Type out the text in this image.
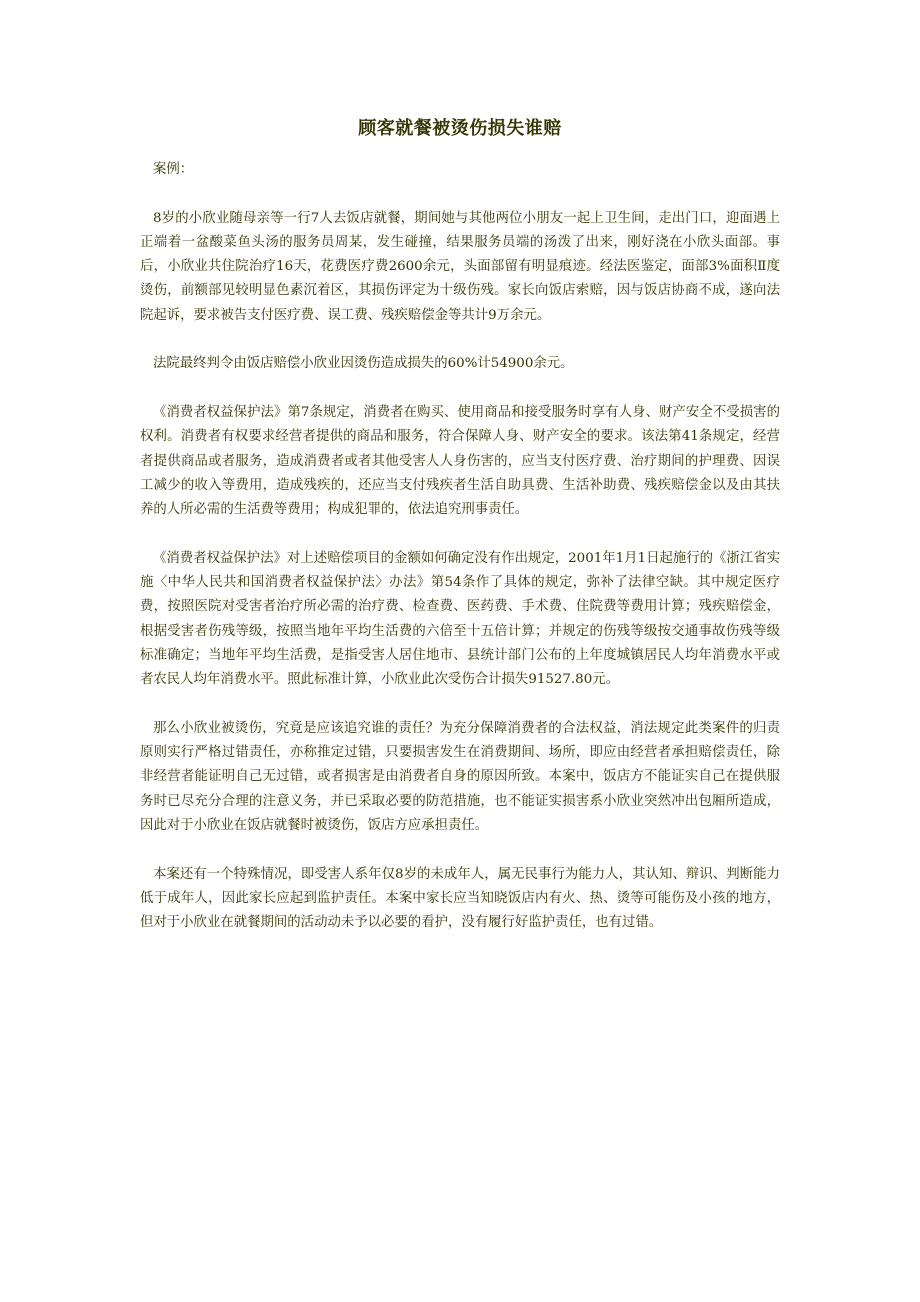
顾客就餐被烫伤损失谁赔

案例：

8岁的小欣业随母亲等一行7人去饭店就餐，期间她与其他两位小朋友一起上卫生间，走出门口，迎面遇上正端着一盆酸菜鱼头汤的服务员周某，发生碰撞，结果服务员端的汤泼了出来，刚好浇在小欣头面部。事后，小欣业共住院治疗16天，花费医疗费2600余元，头面部留有明显痕迹。经法医鉴定，面部3%面积Ⅱ度烫伤，前额部见较明显色素沉着区，其损伤评定为十级伤残。家长向饭店索赔，因与饭店协商不成，遂向法院起诉，要求被告支付医疗费、误工费、残疾赔偿金等共计9万余元。

法院最终判令由饭店赔偿小欣业因烫伤造成损失的60%计54900余元。

《消费者权益保护法》第7条规定，消费者在购买、使用商品和接受服务时享有人身、财产安全不受损害的权利。消费者有权要求经营者提供的商品和服务，符合保障人身、财产安全的要求。该法第41条规定，经营者提供商品或者服务，造成消费者或者其他受害人人身伤害的，应当支付医疗费、治疗期间的护理费、因误工减少的收入等费用，造成残疾的，还应当支付残疾者生活自助具费、生活补助费、残疾赔偿金以及由其扶养的人所必需的生活费等费用；构成犯罪的，依法追究刑事责任。

《消费者权益保护法》对上述赔偿项目的金额如何确定没有作出规定，2001年1月1日起施行的《浙江省实施〈中华人民共和国消费者权益保护法〉办法》第54条作了具体的规定，弥补了法律空缺。其中规定医疗费，按照医院对受害者治疗所必需的治疗费、检查费、医药费、手术费、住院费等费用计算；残疾赔偿金，根据受害者伤残等级，按照当地年平均生活费的六倍至十五倍计算；并规定的伤残等级按交通事故伤残等级标准确定；当地年平均生活费，是指受害人居住地市、县统计部门公布的上年度城镇居民人均年消费水平或者农民人均年消费水平。照此标准计算，小欣业此次受伤合计损失91527.80元。

那么小欣业被烫伤，究竟是应该追究谁的责任？为充分保障消费者的合法权益，消法规定此类案件的归责原则实行严格过错责任，亦称推定过错，只要损害发生在消费期间、场所，即应由经营者承担赔偿责任，除非经营者能证明自己无过错，或者损害是由消费者自身的原因所致。本案中，饭店方不能证实自己在提供服务时已尽充分合理的注意义务，并已采取必要的防范措施，也不能证实损害系小欣业突然冲出包厢所造成，因此对于小欣业在饭店就餐时被烫伤，饭店方应承担责任。

本案还有一个特殊情况，即受害人系年仅8岁的未成年人，属无民事行为能力人，其认知、辩识、判断能力低于成年人，因此家长应起到监护责任。本案中家长应当知晓饭店内有火、热、烫等可能伤及小孩的地方，但对于小欣业在就餐期间的活动动未予以必要的看护，没有履行好监护责任，也有过错。
